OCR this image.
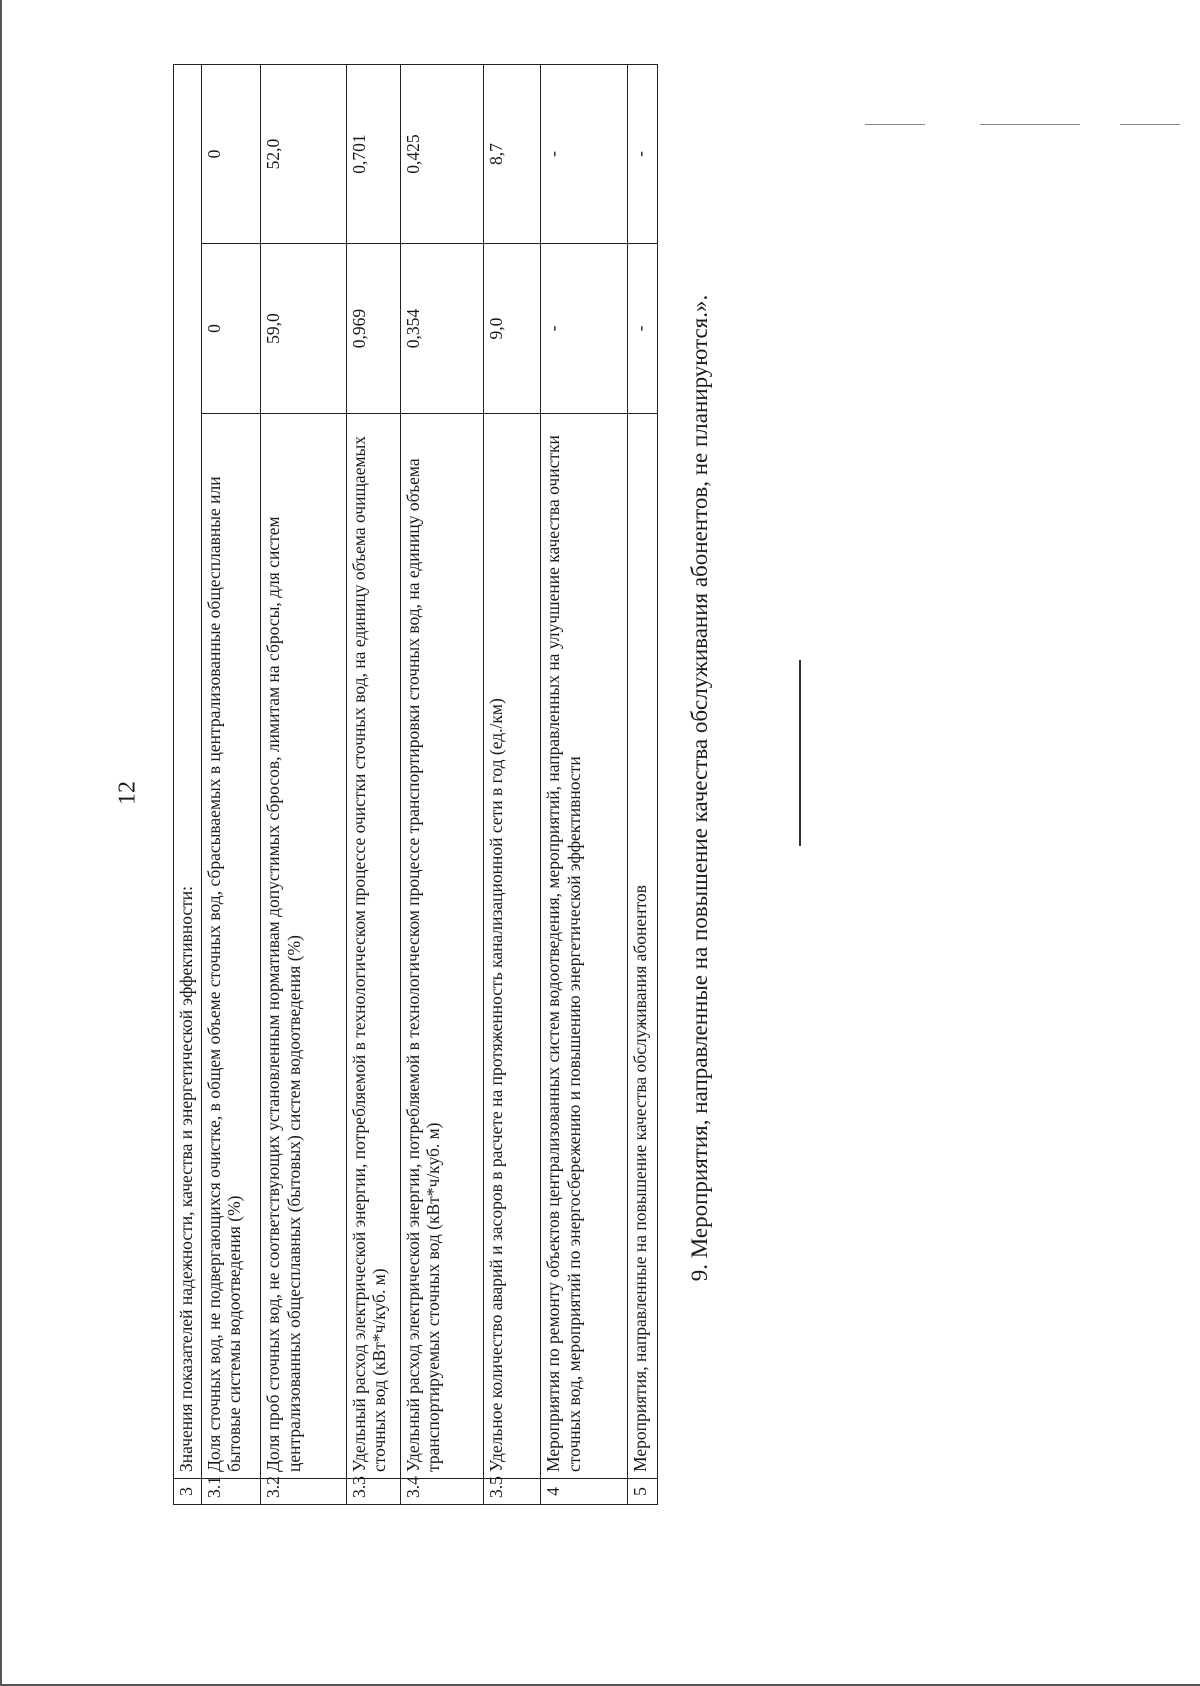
12
3	Значения показателей надежности, качества и энергетической эффективности:		
3.1	Доля сточных вод, не подвергающихся очистке, в общем объеме сточных вод, сбрасываемых в централизованные общесплавные или бытовые системы водоотведения (%)	0	0
3.2	Доля проб сточных вод, не соответствующих установленным нормативам допустимых сбросов, лимитам на сбросы, для систем централизованных общесплавных (бытовых) систем водоотведения (%)	59,0	52,0
3.3	Удельный расход электрической энергии, потребляемой в технологическом процессе очистки сточных вод, на единицу объема очищаемых сточных вод (кВт*ч/куб. м)	0,969	0,701
3.4	Удельный расход электрической энергии, потребляемой в технологическом процессе транспортировки сточных вод, на единицу объема транспортируемых сточных вод (кВт*ч/куб. м)	0,354	0,425
3.5	Удельное количество аварий и засоров в расчете на протяженность канализационной сети в год (ед./км)	9,0	8,7
4	Мероприятия по ремонту объектов централизованных систем водоотведения, мероприятий, направленных на улучшение качества очистки сточных вод, мероприятий по энергосбережению и повышению энергетической эффективности	-	-
5	Мероприятия, направленные на повышение качества обслуживания абонентов	-	-
9. Мероприятия, направленные на повышение качества обслуживания абонентов, не планируются.».
